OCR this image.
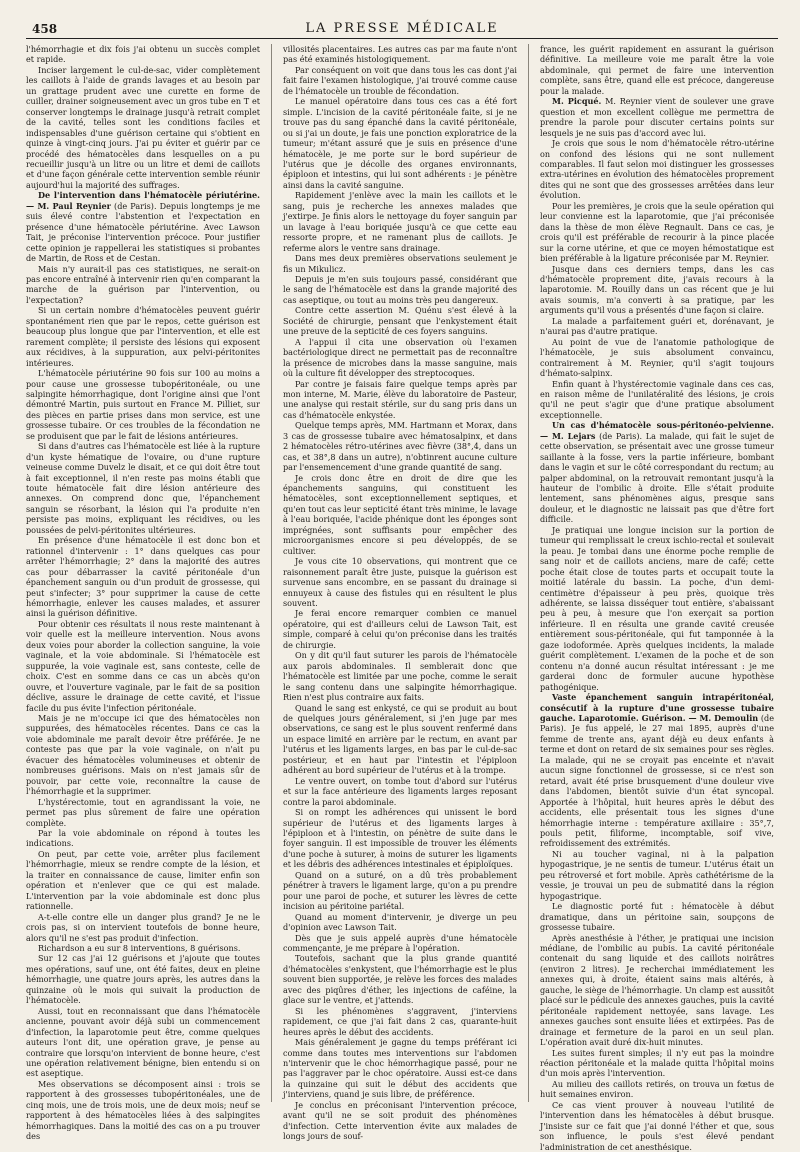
458	LA PRESSE MÉDICALE

l'hémorrhagie et dix fois j'ai obtenu un succès complet et rapide.

Inciser largement le cul-de-sac, vider complètement les caillots à l'aide de grands lavages et au besoin par un grattage prudent avec une curette en forme de cuiller, drainer soigneusement avec un gros tube en T et conserver longtemps le drainage jusqu'à retrait complet de la cavité, telles sont les conditions faciles et indispensables d'une guérison certaine qui s'obtient en quinze à vingt-cinq jours. J'ai pu éviter et guérir par ce procédé des hématocèles dans lesquelles on a pu recueillir jusqu'à un litre ou un litre et demi de caillots et d'une façon générale cette intervention semble réunir aujourd'hui la majorité des suffrages.

De l'intervention dans l'hématocèle périutérine. — M. Paul Reynier (de Paris). Depuis longtemps je me suis élevé contre l'abstention et l'expectation en présence d'une hématocèle périutérine. Avec Lawson Tait, je préconise l'intervention précoce. Pour justifier cette opinion je rappellerai les statistiques si probantes de Martin, de Ross et de Cestan.

Mais n'y aurait-il pas ces statistiques, ne serait-on pas encore entraîné à intervenir rien qu'en comparant la marche de la guérison par l'intervention, ou l'expectation?

Si un certain nombre d'hématocèles peuvent guérir spontanément rien que par le repos, cette guérison est beaucoup plus longue que par l'intervention, et elle est rarement complète; il persiste des lésions qui exposent aux récidives, à la suppuration, aux pelvi-péritonites intérieures.

L'hématocèle périutérine 90 fois sur 100 au moins a pour cause une grossesse tubopéritonéale, ou une salpingite hémorrhagique, dont l'origine ainsi que l'ont démontré Martin, puis surtout en France M. Pilliet, sur des pièces en partie prises dans mon service, est une grossesse tubaire. Or ces troubles de la fécondation ne se produisent que par le fait de lésions antérieures.

Si dans d'autres cas l'hématocèle est liée à la rupture d'un kyste hématique de l'ovaire, ou d'une rupture veineuse comme Duvelz le disait, et ce qui doit être tout à fait exceptionnel, il n'en reste pas moins établi que toute hématocèle fait dire lésion antérieure des annexes. On comprend donc que, l'épanchement sanguin se résorbant, la lésion qui l'a produite n'en persiste pas moins, expliquant les récidives, ou les poussées de pelvi-péritonites ultérieures.

En présence d'une hématocèle il est donc bon et rationnel d'intervenir : 1° dans quelques cas pour arrêter l'hémorrhagie; 2° dans la majorité des autres cas pour débarrasser la cavité péritonéale d'un épanchement sanguin ou d'un produit de grossesse, qui peut s'infecter; 3° pour supprimer la cause de cette hémorrhagie, enlever les causes malades, et assurer ainsi la guérison définitive.

Pour obtenir ces résultats il nous reste maintenant à voir quelle est la meilleure intervention. Nous avons deux voies pour aborder la collection sanguine, la voie vaginale, et la voie abdominale. Si l'hématocèle est suppurée, la voie vaginale est, sans conteste, celle de choix. C'est en somme dans ce cas un abcès qu'on ouvre, et l'ouverture vaginale, par le fait de sa position déclive, assure le drainage de cette cavité, et l'issue facile du pus évite l'infection péritonéale.

Mais je ne m'occupe ici que des hématocèles non suppurées, des hématocèles récentes. Dans ce cas la voie abdominale me paraît devoir être préférée. Je ne conteste pas que par la voie vaginale, on n'ait pu évacuer des hématocèles volumineuses et obtenir de nombreuses guérisons. Mais on n'est jamais sûr de pouvoir, par cette voie, reconnaître la cause de l'hémorrhagie et la supprimer.

L'hystérectomie, tout en agrandissant la voie, ne permet pas plus sûrement de faire une opération complète.

Par la voie abdominale on répond à toutes les indications.

On peut, par cette voie, arrêter plus facilement l'hémorrhagie, mieux se rendre compte de la lésion, et la traiter en connaissance de cause, limiter enfin son opération et n'enlever que ce qui est malade. L'intervention par la voie abdominale est donc plus rationnelle.

A-t-elle contre elle un danger plus grand? Je ne le crois pas, si on intervient toutefois de bonne heure, alors qu'il ne s'est pas produit d'infection.

Richardson a eu sur 8 interventions, 8 guérisons.

Sur 12 cas j'ai 12 guérisons et j'ajoute que toutes mes opérations, sauf une, ont été faites, deux en pleine hémorrhagie, une quatre jours après, les autres dans la quinzaine où le mois qui suivait la production de l'hématocèle.

Aussi, tout en reconnaissant que dans l'hématocèle ancienne, pouvant avoir déjà subi un commencement d'infection, la laparotomie peut être, comme quelques auteurs l'ont dit, une opération grave, je pense au contraire que lorsqu'on intervient de bonne heure, c'est une opération relativement bénigne, bien entendu si on est aseptique.

Mes observations se décomposent ainsi : trois se rapportent à des grossesses tubopéritonéales, une de cinq mois, une de trois mois, une de deux mois; neuf se rapportent à des hématocèles liées à des salpingites hémorrhagiques. Dans la moitié des cas on a pu trouver des

villosités placentaires. Les autres cas par ma faute n'ont pas été examinés histologiquement.

Par conséquent on voit que dans tous les cas dont j'ai fait faire l'examen histologique, j'ai trouvé comme cause de l'hématocèle un trouble de fécondation.

Le manuel opératoire dans tous ces cas a été fort simple. L'incision de la cavité péritonéale faite, si je ne trouve pas du sang épanché dans la cavité péritonéale, ou si j'ai un doute, je fais une ponction exploratrice de la tumeur; m'étant assuré que je suis en présence d'une hématocèle, je me porte sur le bord supérieur de l'utérus que je décolle des organes environnants, épiploon et intestins, qui lui sont adhérents : je pénètre ainsi dans la cavité sanguine.

Rapidement j'enlève avec la main les caillots et le sang, puis je recherche les annexes malades que j'extirpe. Je finis alors le nettoyage du foyer sanguin par un lavage à l'eau boriquée jusqu'à ce que cette eau ressorte propre, et ne ramenant plus de caillots. Je referme alors le ventre sans drainage.

Dans mes deux premières observations seulement je fis un Mikulicz.

Depuis je m'en suis toujours passé, considérant que le sang de l'hématocèle est dans la grande majorité des cas aseptique, ou tout au moins très peu dangereux.

Contre cette assertion M. Quénu s'est élevé à la Société de chirurgie, pensant que l'enkystement était une preuve de la septicité de ces foyers sanguins.

A l'appui il cita une observation où l'examen bactériologique direct ne permettait pas de reconnaître la présence de microbes dans la masse sanguine, mais où la culture fit développer des streptocoques.

Par contre je faisais faire quelque temps après par mon interne, M. Marie, élève du laboratoire de Pasteur, une analyse qui restait stérile, sur du sang pris dans un cas d'hématocèle enkystée.

Quelque temps après, MM. Hartmann et Morax, dans 3 cas de grossesse tubaire avec hématosalpinx, et dans 2 hématocèles rétro-utérines avec fièvre (38°,4, dans un cas, et 38°,8 dans un autre), n'obtinrent aucune culture par l'ensemencement d'une grande quantité de sang.

Je crois donc être en droit de dire que les épanchements sanguins, qui constituent les hématocèles, sont exceptionnellement septiques, et qu'en tout cas leur septicité étant très minime, le lavage à l'eau boriquée, l'acide phénique dont les éponges sont imprégnées, sont suffisants pour empêcher des microorganismes encore si peu développés, de se cultiver.

Je vous cite 10 observations, qui montrent que ce raisonnement paraît être juste, puisque la guérison est survenue sans encombre, en se passant du drainage si ennuyeux à cause des fistules qui en résultent le plus souvent.

Je ferai encore remarquer combien ce manuel opératoire, qui est d'ailleurs celui de Lawson Tait, est simple, comparé à celui qu'on préconise dans les traités de chirurgie.

On y dit qu'il faut suturer les parois de l'hématocèle aux parois abdominales. Il semblerait donc que l'hématocèle est limitée par une poche, comme le serait le sang contenu dans une salpingite hémorrhagique. Rien n'est plus contraire aux faits.

Quand le sang est enkysté, ce qui se produit au bout de quelques jours généralement, si j'en juge par mes observations, ce sang est le plus souvent renfermé dans un espace limité en arrière par le rectum, en avant par l'utérus et les ligaments larges, en bas par le cul-de-sac postérieur, et en haut par l'intestin et l'épiploon adhérent au bord supérieur de l'utérus et à la trompe.

Le ventre ouvert, on tombe tout d'abord sur l'utérus et sur la face antérieure des ligaments larges reposant contre la paroi abdominale.

Si on rompt les adhérences qui unissent le bord supérieur de l'utérus et des ligaments larges à l'épiploon et à l'intestin, on pénètre de suite dans le foyer sanguin. Il est impossible de trouver les éléments d'une poche à suturer, à moins de suturer les ligaments et les débris des adhérences intestinales et épiploïques.

Quand on a suturé, on a dû très probablement pénétrer à travers le ligament large, qu'on a pu prendre pour une paroi de poche, et suturer les lèvres de cette incision au péritoine pariétal.

Quand au moment d'intervenir, je diverge un peu d'opinion avec Lawson Tait.

Dès que je suis appelé auprès d'une hématocèle commençante, je me prépare à l'opération.

Toutefois, sachant que la plus grande quantité d'hématocèles s'enkystent, que l'hémorrhagie est le plus souvent bien supportée, je relève les forces des malades avec des piqûres d'éther, les injections de caféine, la glace sur le ventre, et j'attends.

Si les phénomènes s'aggravent, j'interviens rapidement, ce que j'ai fait dans 2 cas, quarante-huit heures après le début des accidents.

Mais généralement je gagne du temps préférant ici comme dans toutes mes interventions sur l'abdomen n'intervenir que le choc hémorrhagique passé, pour ne pas l'aggraver par le choc opératoire. Aussi est-ce dans la quinzaine qui suit le début des accidents que j'interviens, quand je suis libre, de préférence.

Je conclus en préconisant l'intervention précoce, avant qu'il ne se soit produit des phénomènes d'infection. Cette intervention évite aux malades de longs jours de souf-

france, les guérit rapidement en assurant la guérison définitive. La meilleure voie me paraît être la voie abdominale, qui permet de faire une intervention complète, sans être, quand elle est précoce, dangereuse pour la malade.

M. Picqué. M. Reynier vient de soulever une grave question et mon excellent collègue me permettra de prendre la parole pour discuter certains points sur lesquels je ne suis pas d'accord avec lui.

Je crois que sous le nom d'hématocèle rétro-utérine on confond des lésions qui ne sont nullement comparables. Il faut selon moi distinguer les grossesses extra-utérines en évolution des hématocèles proprement dites qui ne sont que des grossesses arrêtées dans leur évolution.

Pour les premières, je crois que la seule opération qui leur convienne est la laparotomie, que j'ai préconisée dans la thèse de mon élève Regnault. Dans ce cas, je crois qu'il est préférable de recourir à la pince placée sur la corne utérine, et que ce moyen hémostatique est bien préférable à la ligature préconisée par M. Reynier.

Jusque dans ces derniers temps, dans les cas d'hématocèle proprement dite, j'avais recours à la laparotomie. M. Rouilly dans un cas récent que je lui avais soumis, m'a converti à sa pratique, par les arguments qu'il vous a présentés d'une façon si claire.

La malade a parfaitement guéri et, dorénavant, je n'aurai pas d'autre pratique.

Au point de vue de l'anatomie pathologique de l'hématocèle, je suis absolument convaincu, contrairement à M. Reynier, qu'il s'agit toujours d'hémato-salpinx.

Enfin quant à l'hystérectomie vaginale dans ces cas, en raison même de l'unilatéralité des lésions, je crois qu'il ne peut s'agir que d'une pratique absolument exceptionnelle.

Un cas d'hématocèle sous-péritonéo-pelvienne. — M. Lejars (de Paris). La malade, qui fait le sujet de cette observation, se présentait avec une grosse tumeur saillante à la fosse, vers la partie inférieure, bombant dans le vagin et sur le côté correspondant du rectum; au palper abdominal, on la retrouvait remontant jusqu'à la hauteur de l'ombilic à droite. Elle s'était produite lentement, sans phénomènes aigus, presque sans douleur, et le diagnostic ne laissait pas que d'être fort difficile.

Je pratiquai une longue incision sur la portion de tumeur qui remplissait le creux ischio-rectal et soulevait la peau. Je tombai dans une énorme poche remplie de sang noir et de caillots anciens, mare de café; cette poche était close de toutes parts et occupait toute la moitié latérale du bassin. La poche, d'un demi-centimètre d'épaisseur à peu près, quoique très adhérente, se laissa disséquer tout entière, s'abaissant peu à peu, à mesure que l'on exerçait sa portion inférieure. Il en résulta une grande cavité creusée entièrement sous-péritonéale, qui fut tamponnée à la gaze iodoformée. Après quelques incidents, la malade guérit complètement. L'examen de la poche et de son contenu n'a donné aucun résultat intéressant : je me garderai donc de formuler aucune hypothèse pathogénique.

Vaste épanchement sanguin intrapéritonéal, consécutif à la rupture d'une grossesse tubaire gauche. Laparotomie. Guérison. — M. Demoulin (de Paris). Je fus appelé, le 27 mai 1895, auprès d'une femme de trente ans, ayant déjà eu deux enfants à terme et dont on retard de six semaines pour ses règles. La malade, qui ne se croyait pas enceinte et n'avait aucun signe fonctionnel de grossesse, si ce n'est son retard, avait été prise brusquement d'une douleur vive dans l'abdomen, bientôt suivie d'un état syncopal. Apportée à l'hôpital, huit heures après le début des accidents, elle présentait tous les signes d'une hémorrhagie interne : température axillaire : 35°,7, pouls petit, filiforme, incomptable, soif vive, refroidissement des extrémités.

Ni au toucher vaginal, ni à la palpation hypogastrique, je ne sentis de tumeur. L'utérus était un peu rétroversé et fort mobile. Après cathétérisme de la vessie, je trouvai un peu de submatité dans la région hypogastrique.

Le diagnostic porté fut : hématocèle à début dramatique, dans un péritoine sain, soupçons de grossesse tubaire.

Après anesthésie à l'éther, je pratiquai une incision médiane, de l'ombilic au pubis. La cavité péritonéale contenait du sang liquide et des caillots noirâtres (environ 2 litres). Je recherchai immédiatement les annexes qui, à droite, étaient sains mais altérés, à gauche, le siège de l'hémorrhagie. Un clamp est aussitôt placé sur le pédicule des annexes gauches, puis la cavité péritonéale rapidement nettoyée, sans lavage. Les annexes gauches sont ensuite liées et extirpées. Pas de drainage et fermeture de la paroi en un seul plan. L'opération avait duré dix-huit minutes.

Les suites furent simples; il n'y eut pas la moindre réaction péritonéale et la malade quitta l'hôpital moins d'un mois après l'intervention.

Au milieu des caillots retirés, on trouva un fœtus de huit semaines environ.

Ce cas vient prouver à nouveau l'utilité de l'intervention dans les hématocèles à début brusque. J'insiste sur ce fait que j'ai donné l'éther et que, sous son influence, le pouls s'est élevé pendant l'administration de cet anesthésique.
